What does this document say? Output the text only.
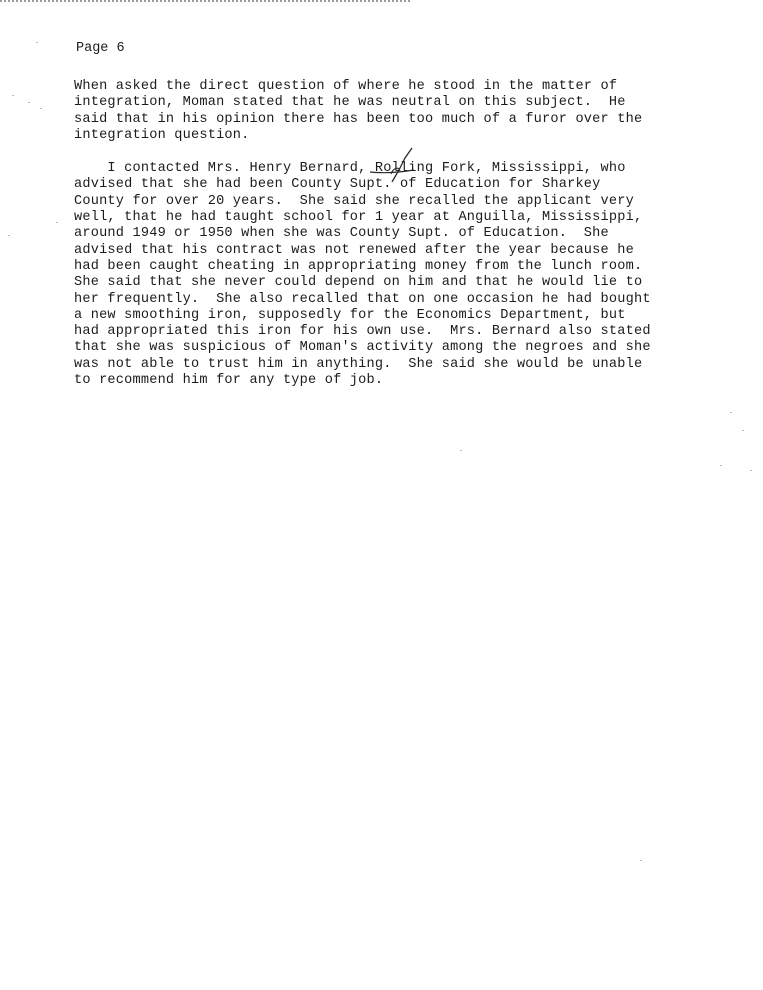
Page 6
When asked the direct question of where he stood in the matter of
integration, Moman stated that he was neutral on this subject.  He
said that in his opinion there has been too much of a furor over the
integration question.
I contacted Mrs. Henry Bernard, Rolling Fork, Mississippi, who
advised that she had been County Supt. of Education for Sharkey
County for over 20 years.  She said she recalled the applicant very
well, that he had taught school for 1 year at Anguilla, Mississippi,
around 1949 or 1950 when she was County Supt. of Education.  She
advised that his contract was not renewed after the year because he
had been caught cheating in appropriating money from the lunch room.
She said that she never could depend on him and that he would lie to
her frequently.  She also recalled that on one occasion he had bought
a new smoothing iron, supposedly for the Economics Department, but
had appropriated this iron for his own use.  Mrs. Bernard also stated
that she was suspicious of Moman's activity among the negroes and she
was not able to trust him in anything.  She said she would be unable
to recommend him for any type of job.
